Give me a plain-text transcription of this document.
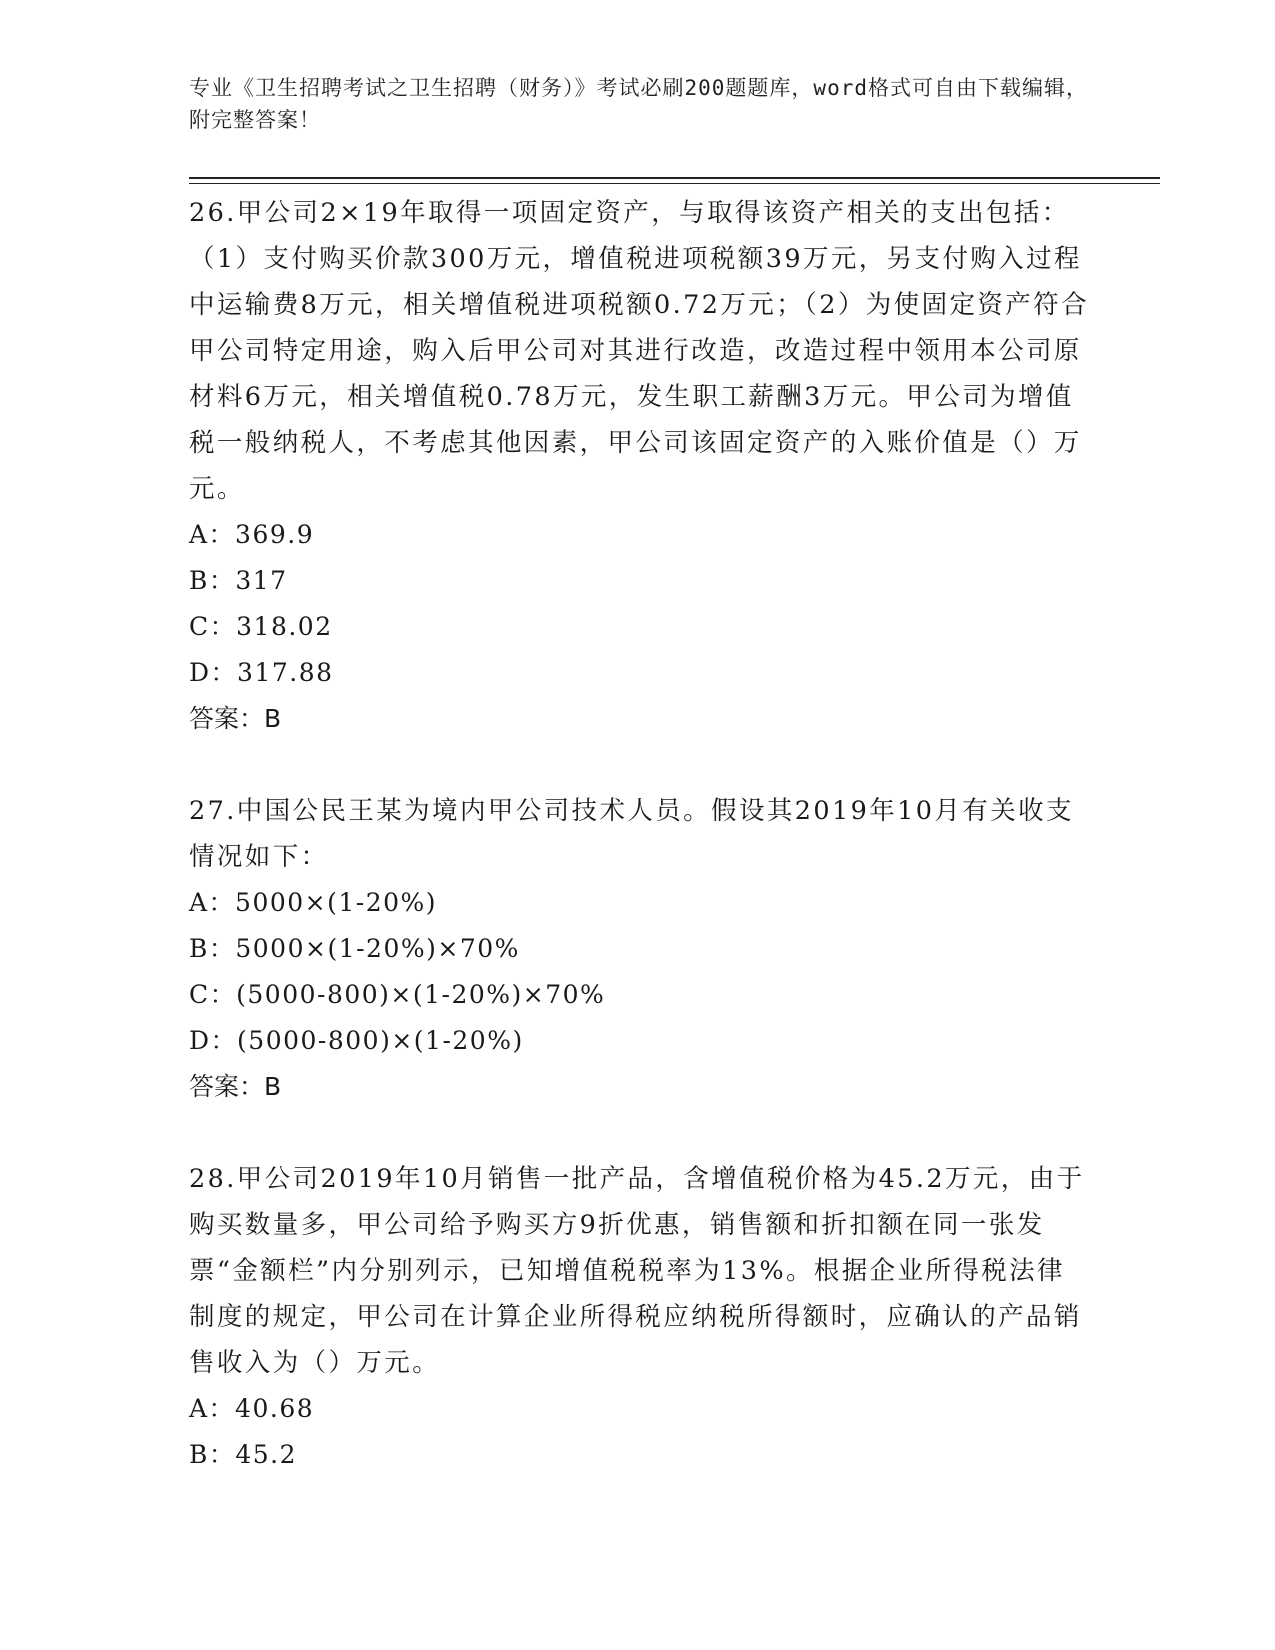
专业《卫生招聘考试之卫生招聘（财务）》考试必刷200题题库，word格式可自由下载编辑，附完整答案！

26.甲公司2×19年取得一项固定资产，与取得该资产相关的支出包括：（1）支付购买价款300万元，增值税进项税额39万元，另支付购入过程中运输费8万元，相关增值税进项税额0.72万元；（2）为使固定资产符合甲公司特定用途，购入后甲公司对其进行改造，改造过程中领用本公司原材料6万元，相关增值税0.78万元，发生职工薪酬3万元。甲公司为增值税一般纳税人，不考虑其他因素，甲公司该固定资产的入账价值是（）万元。

A：369.9

B：317

C：318.02

D：317.88

答案：B

27.中国公民王某为境内甲公司技术人员。假设其2019年10月有关收支情况如下：

A：5000×(1-20%)

B：5000×(1-20%)×70%

C：(5000-800)×(1-20%)×70%

D：(5000-800)×(1-20%)

答案：B

28.甲公司2019年10月销售一批产品，含增值税价格为45.2万元，由于购买数量多，甲公司给予购买方9折优惠，销售额和折扣额在同一张发票“金额栏”内分别列示，已知增值税税率为13%。根据企业所得税法律制度的规定，甲公司在计算企业所得税应纳税所得额时，应确认的产品销售收入为（）万元。

A：40.68

B：45.2
